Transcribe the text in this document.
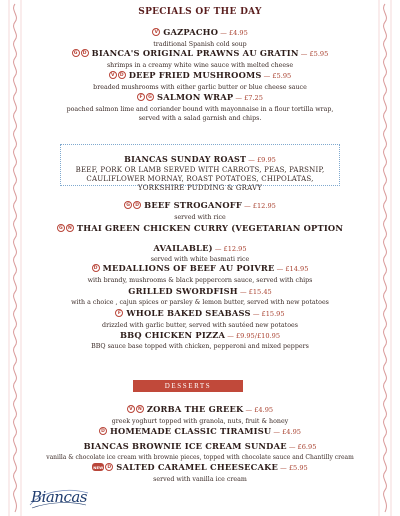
SPECIALS OF THE DAY
V GAZPACHO — £4.95
traditional Spanish cold soup
G D BIANCA'S ORIGINAL PRAWNS AU GRATIN — £5.95
shrimps in a creamy white wine sauce with melted cheese
V D DEEP FRIED MUSHROOMS — £5.95
breaded mushrooms with either garlic butter or blue cheese sauce
F G SALMON WRAP — £7.25
poached salmon lime and coriander bound with mayonnaise in a flour tortilla wrap,
served with a salad garnish and chips.
BIANCAS SUNDAY ROAST — £9.95
BEEF, PORK OR LAMB SERVED WITH CARROTS, PEAS, PARSNIP,
CAULIFLOWER MORNAY, ROAST POTATOES, CHIPOLATAS,
YORKSHIRE PUDDING & GRAVY
G D BEEF STROGANOFF — £12.95
served with rice
G N THAI GREEN CHICKEN CURRY (VEGETARIAN OPTION
AVAILABLE) — £12.95
served with white basmati rice
D MEDALLIONS OF BEEF AU POIVRE — £14.95
with brandy, mushrooms & black peppercorn sauce, served with chips
GRILLED SWORDFISH — £15.45
with a choice , cajun spices or parsley & lemon butter, served with new potatoes
F WHOLE BAKED SEABASS — £15.95
drizzled with garlic butter, served with sautéed new potatoes
BBQ CHICKEN PIZZA — £9.95/£10.95
BBQ sauce base topped with chicken, pepperoni and mixed peppers
DESSERTS
V N ZORBA THE GREEK — £4.95
greek yoghurt topped with granola, nuts, fruit & honey
D HOMEMADE CLASSIC TIRAMISU — £4.95
BIANCAS BROWNIE ICE CREAM SUNDAE — £6.95
vanilla & chocolate ice cream with brownie pieces, topped with chocolate sauce and Chantilly cream
NEW D SALTED CARAMEL CHEESECAKE — £5.95
served with vanilla ice cream
Biancas
